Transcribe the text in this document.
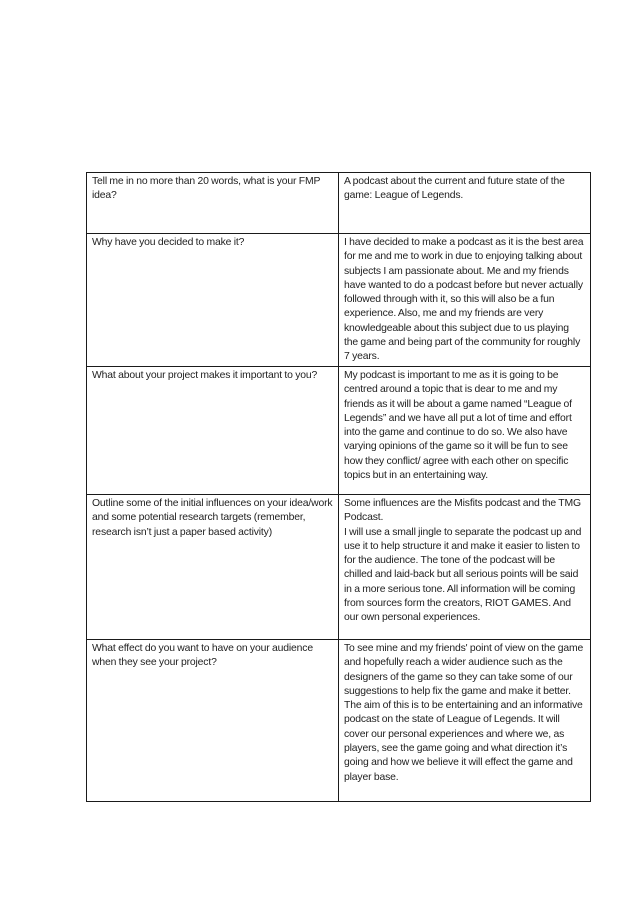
Tell me in no more than 20 words, what is your FMP idea?	A podcast about the current and future state of the game: League of Legends.

Why have you decided to make it?	I have decided to make a podcast as it is the best area for me and me to work in due to enjoying talking about subjects I am passionate about. Me and my friends have wanted to do a podcast before but never actually followed through with it, so this will also be a fun experience. Also, me and my friends are very knowledgeable about this subject due to us playing the game and being part of the community for roughly 7 years.

What about your project makes it important to you?	My podcast is important to me as it is going to be centred around a topic that is dear to me and my friends as it will be about a game named “League of Legends” and we have all put a lot of time and effort into the game and continue to do so. We also have varying opinions of the game so it will be fun to see how they conflict/ agree with each other on specific topics but in an entertaining way.

Outline some of the initial influences on your idea/work and some potential research targets (remember, research isn’t just a paper based activity)	Some influences are the Misfits podcast and the TMG Podcast.
I will use a small jingle to separate the podcast up and use it to help structure it and make it easier to listen to for the audience. The tone of the podcast will be chilled and laid-back but all serious points will be said in a more serious tone. All information will be coming from sources form the creators, RIOT GAMES. And our own personal experiences.

What effect do you want to have on your audience when they see your project?	To see mine and my friends' point of view on the game and hopefully reach a wider audience such as the designers of the game so they can take some of our suggestions to help fix the game and make it better. The aim of this is to be entertaining and an informative podcast on the state of League of Legends. It will cover our personal experiences and where we, as players, see the game going and what direction it’s going and how we believe it will effect the game and player base.
